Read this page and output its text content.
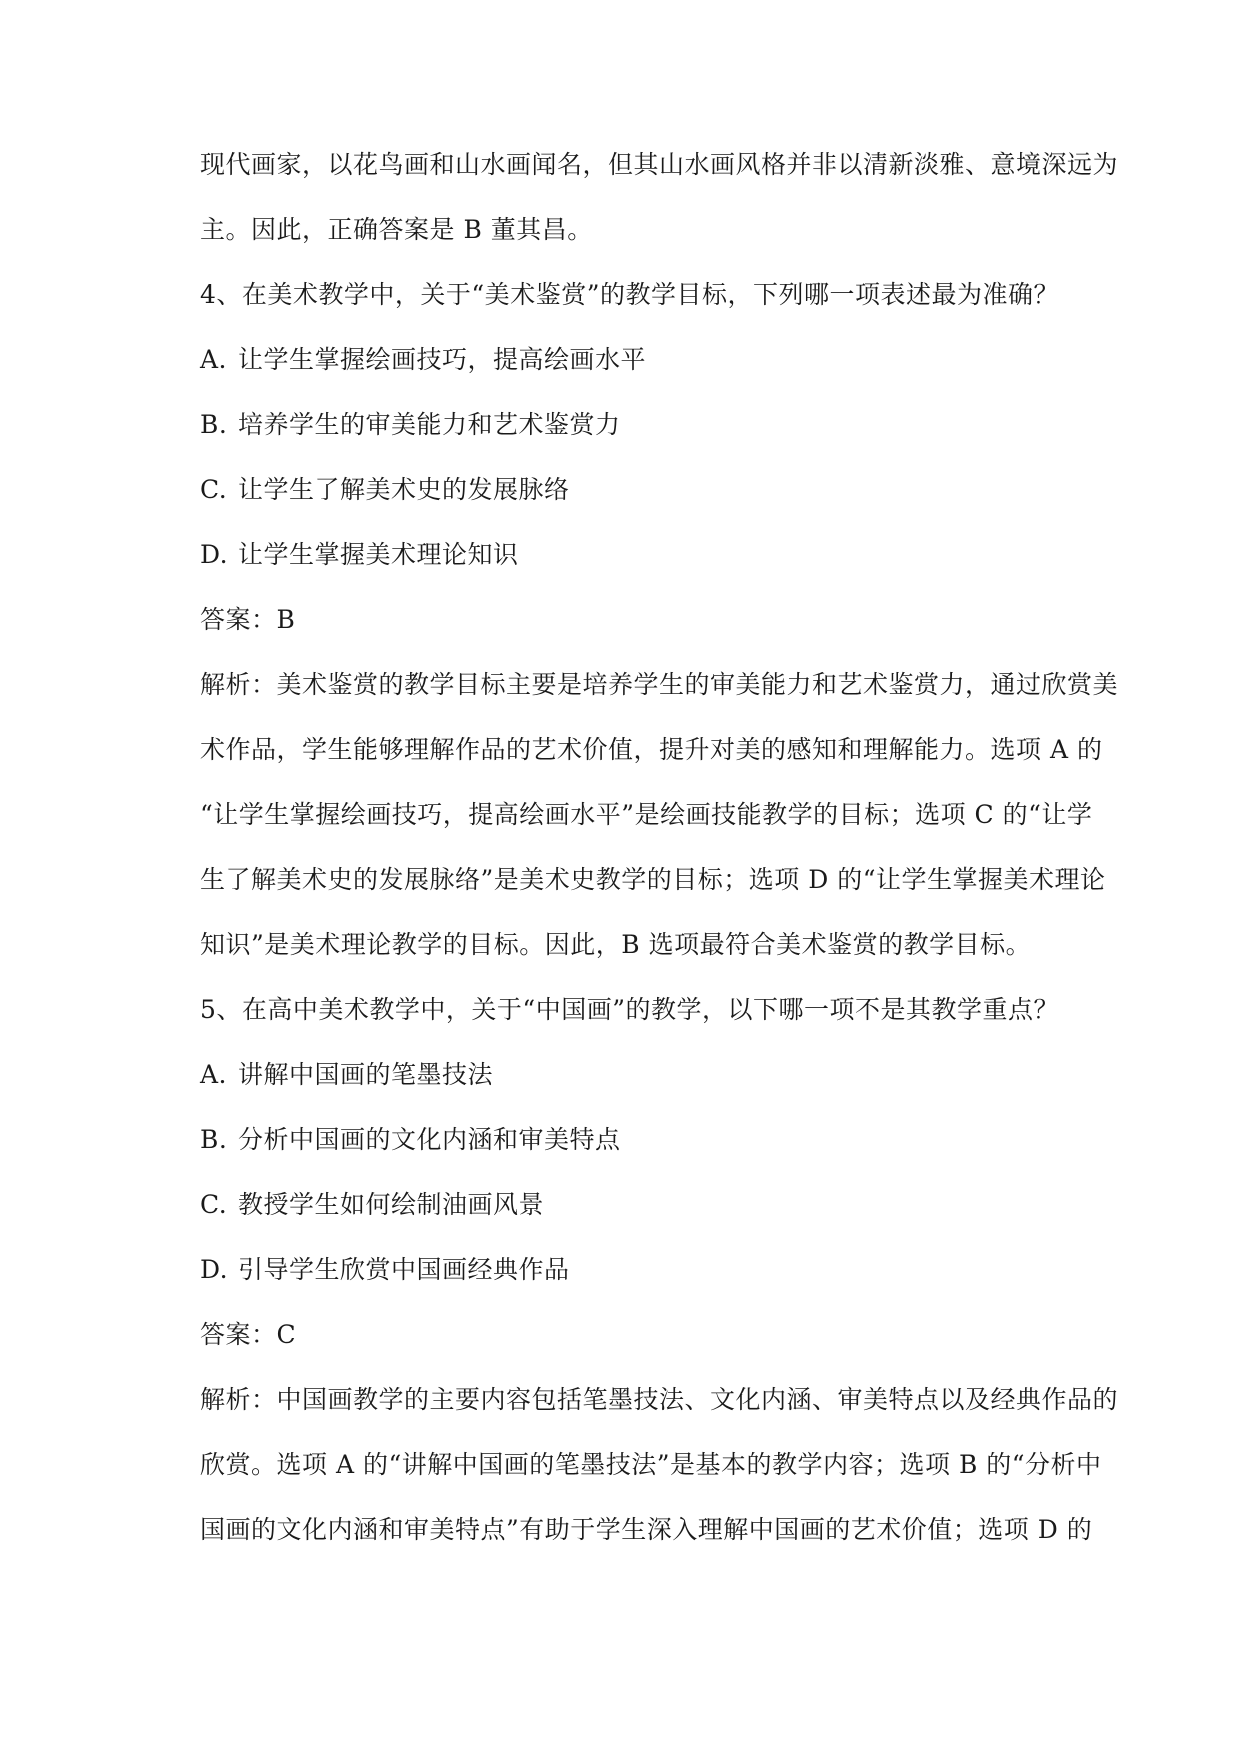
现代画家，以花鸟画和山水画闻名，但其山水画风格并非以清新淡雅、意境深远为
主。因此，正确答案是 B 董其昌。
4、在美术教学中，关于“美术鉴赏”的教学目标，下列哪一项表述最为准确？
A. 让学生掌握绘画技巧，提高绘画水平
B. 培养学生的审美能力和艺术鉴赏力
C. 让学生了解美术史的发展脉络
D. 让学生掌握美术理论知识
答案：B
解析：美术鉴赏的教学目标主要是培养学生的审美能力和艺术鉴赏力，通过欣赏美
术作品，学生能够理解作品的艺术价值，提升对美的感知和理解能力。选项 A 的
“让学生掌握绘画技巧，提高绘画水平”是绘画技能教学的目标；选项 C 的“让学
生了解美术史的发展脉络”是美术史教学的目标；选项 D 的“让学生掌握美术理论
知识”是美术理论教学的目标。因此，B 选项最符合美术鉴赏的教学目标。
5、在高中美术教学中，关于“中国画”的教学，以下哪一项不是其教学重点？
A. 讲解中国画的笔墨技法
B. 分析中国画的文化内涵和审美特点
C. 教授学生如何绘制油画风景
D. 引导学生欣赏中国画经典作品
答案：C
解析：中国画教学的主要内容包括笔墨技法、文化内涵、审美特点以及经典作品的
欣赏。选项 A 的“讲解中国画的笔墨技法”是基本的教学内容；选项 B 的“分析中
国画的文化内涵和审美特点”有助于学生深入理解中国画的艺术价值；选项 D 的
